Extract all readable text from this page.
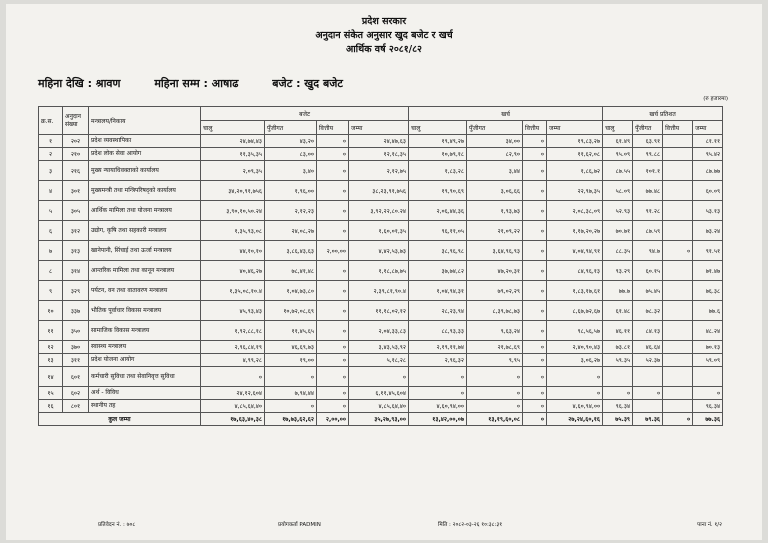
प्रदेश सरकार
अनुदान संकेत अनुसार खुद बजेट र खर्च
आर्थिक वर्ष २०८१/८२
महिना देखि : श्रावण	महिना सम्म : आषाढ	बजेट : खुद बजेट
(रु हजारमा)
क्र.स.	अनुदान संख्या	मन्त्रालय/निकाय	बजेट				खर्च				खर्च प्रतिशत			
			चालु	पुँजीगत	वित्तीय	जम्मा	चालु	पुँजीगत	वित्तीय	जम्मा	चालु	पुँजीगत	वित्तीय	जम्मा
१	२०२	प्रदेश व्यवस्थापिका	२४,७४,४३	४३,२०	०	२४,४७,६३	१९,४९,२७	३४,००	०	१९,८३,२७	६१.४९	६३.९१		८१.११
२	२१०	प्रदेश लोक सेवा आयोग	११,३५,३५	८३,००	०	१२,१८,३५	१०,७९,१८	८२,९०	०	११,६२,०८	९५.०९	९९.८८		९५.४२
३	२१६	मुख्य न्यायाधिवक्ताको कार्यालय	२,०९,३५	३,४०	०	२,१२,७५	१,८३,२८	३,४४	०	१,८६,७२	८७.५५	१०१.१		८७.७७
४	३०१	मुख्यमन्त्री तथा मन्त्रिपरिषद्को कार्यालय	३४,२०,९१,७५६	१,९६,००	०	३८,२३,९१,७५६	१९,९०,६९	३,०६,६६	०	२२,९७,३५	५८.०९	७७.४८		६०.०९
५	३०५	आर्थिक मामिला तथा योजना मन्त्रालय	३,९०,१०,५०.२४	२,१२,२३	०	३,९२,२२,८०.२४	२,०६,४४,३६	१,९३,७३	०	२,०८,३८,०९	५२.९३	९१.२८		५३.१३
६	३१२	उद्योग, कृषि तथा सहकारी मन्त्रालय	१,३५,९३,०८	२४,०८,२७	०	१,६०,०१,३५	९६,११,०५	२१,०९,२२	०	१,१७,२०,२७	७०.७१	८७.५९		७३.२४
७	३१३	खानेपानी, सिंचाई तथा ऊर्जा मन्त्रालय	४४,१०,१०	३,८६,४३,६३	२,००,००	४,४२,५३,७३	३८,९६,९८	३,६४,९६,९३	०	४,०४,९४,९१	८८.३५	९४.७	०	९१.५१
८	३१४	आन्तरिक मामिला तथा कानून मन्त्रालय	४०,४६,२७	७८,४१,४८	०	१,१८,८७,७५	३७,७४,८२	४७,२०,३१	०	८४,९६,१३	९३.२९	६०.१५		७१.४७
९	३२९	पर्यटन, वन तथा वातावरण मन्त्रालय	१,३५,०८,१०.४	१,०४,७३,८०	०	२,३९,८१,९०.४	१,०४,९४,३१	७९,०२,२९	०	१,८३,१७,६१	७७.७	७५.४५		७६.३८
१०	३३७	भौतिक पूर्वाधार विकास मन्त्रालय	४५,९३,४३	१०,७२,०८,६९	०	११,१८,०२,१२	२८,२३,९४	८,३९,७८,७३	०	८,६७,७२,६७	६१.४८	७८.३२		७७.६
११	३५०	सामाजिक विकास मन्त्रालय	१,९२,८८,१८	११,४५,६५	०	२,०४,३३,८३	८८,९३,३३	९,६३,२४	०	९८,५६,५७	४६.११	८४.१३		४८.२४
१२	३७०	स्वास्थ्य मन्त्रालय	२,९६,८४,१९	४६,६९,७३	०	३,४३,५३,९२	२,१९,११,७४	२१,७८,६९	०	२,४०,९०,४३	७३.८१	४६.६४		७०.१३
१३	३११	प्रदेश योजना आयोग	४,९९,२८	१९,००	०	५,१८,२८	२,९६,३२	९,९५	०	३,०६,२७	५९.३५	५२.३७		५९.०९
१४	६०१	कर्मचारी सुविधा तथा सेवानिवृत्त सुविधा	०	०	०	०	०	०	०	०				
१५	६०२	अर्थ - विविध	२४,१२,६०४	७,९४,४४	०	६,११,४५,६०४	०	०	०	०	०	०		०
१६	८०१	स्थानीय तह	४,८५,६४,४०	०	०	४,८५,६४,४०	४,६०,९४,००	०	०	४,६०,९४,००	९६.३४			९६.३४
कुल जम्मा			१७,६३,४०,३८	१७,७३,६२,६२	२,००,००	३५,२७,९३,००	१३,४२,००,०७	१३,१९,६०,०८	०	२७,२४,६०,१६	७५.३९	७९.३६	०	७७.३६
प्रतिवेदन नं. : ७०८	प्रयोगकर्ता PADMIN	मिति : २०८२-०३-२६ १०:३८:३१	पाना नं. १/२
